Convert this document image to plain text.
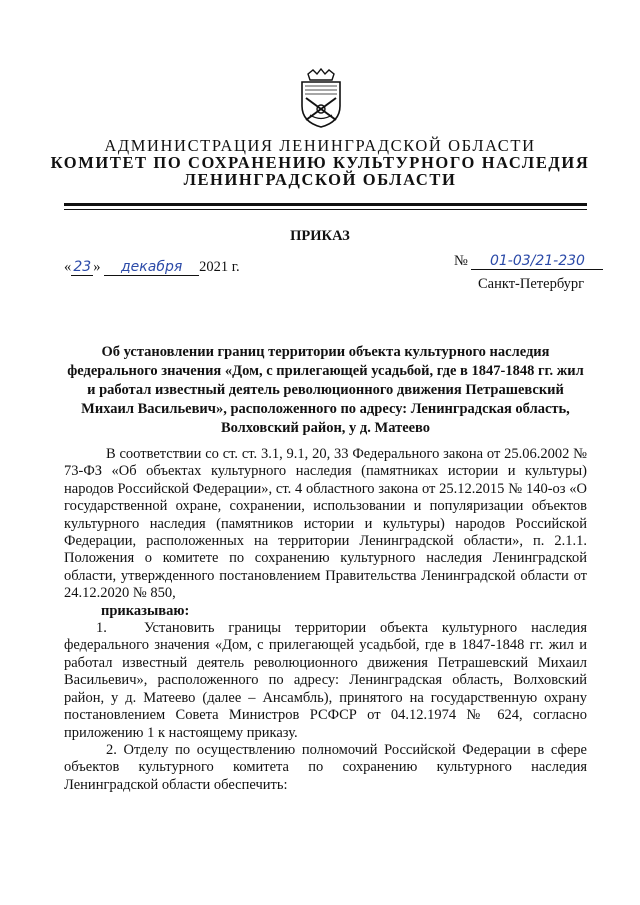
АДМИНИСТРАЦИЯ ЛЕНИНГРАДСКОЙ ОБЛАСТИ
КОМИТЕТ ПО СОХРАНЕНИЮ КУЛЬТУРНОГО НАСЛЕДИЯ
ЛЕНИНГРАДСКОЙ ОБЛАСТИ
ПРИКАЗ
« 23 » декабря 2021 г.	№ 01-03/21-230
Санкт-Петербург
Об установлении границ территории объекта культурного наследия федерального значения «Дом, с прилегающей усадьбой, где в 1847-1848 гг. жил и работал известный деятель революционного движения Петрашевский Михаил Васильевич», расположенного по адресу: Ленинградская область, Волховский район, у д. Матеево

В соответствии со ст. ст. 3.1, 9.1, 20, 33 Федерального закона от 25.06.2002 № 73-ФЗ «Об объектах культурного наследия (памятниках истории и культуры) народов Российской Федерации», ст. 4 областного закона от 25.12.2015 № 140-оз «О государственной охране, сохранении, использовании и популяризации объектов культурного наследия (памятников истории и культуры) народов Российской Федерации, расположенных на территории Ленинградской области», п. 2.1.1. Положения о комитете по сохранению культурного наследия Ленинградской области, утвержденного постановлением Правительства Ленинградской области от 24.12.2020 № 850,

приказываю:

1.	Установить границы территории объекта культурного наследия федерального значения «Дом, с прилегающей усадьбой, где в 1847-1848 гг. жил и работал известный деятель революционного движения Петрашевский Михаил Васильевич», расположенного по адресу: Ленинградская область, Волховский район, у д. Матеево (далее – Ансамбль), принятого на государственную охрану постановлением Совета Министров РСФСР от 04.12.1974 № 624, согласно приложению 1 к настоящему приказу.

2. Отделу по осуществлению полномочий Российской Федерации в сфере объектов культурного комитета по сохранению культурного наследия Ленинградской области обеспечить:
